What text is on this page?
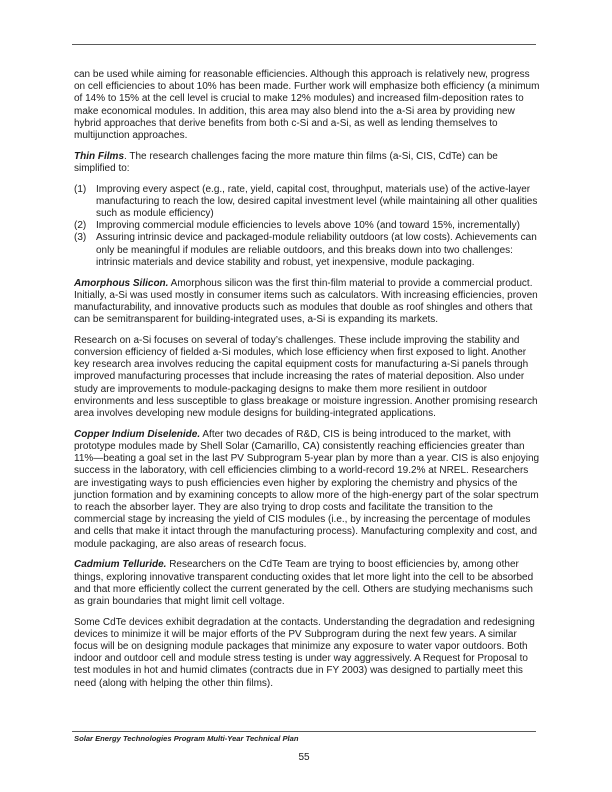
can be used while aiming for reasonable efficiencies. Although this approach is relatively new, progress on cell efficiencies to about 10% has been made. Further work will emphasize both efficiency (a minimum of 14% to 15% at the cell level is crucial to make 12% modules) and increased film-deposition rates to make economical modules. In addition, this area may also blend into the a-Si area by providing new hybrid approaches that derive benefits from both c-Si and a-Si, as well as lending themselves to multijunction approaches.

Thin Films. The research challenges facing the more mature thin films (a-Si, CIS, CdTe) can be simplified to:

(1) Improving every aspect (e.g., rate, yield, capital cost, throughput, materials use) of the active-layer manufacturing to reach the low, desired capital investment level (while maintaining all other qualities such as module efficiency)
(2) Improving commercial module efficiencies to levels above 10% (and toward 15%, incrementally)
(3) Assuring intrinsic device and packaged-module reliability outdoors (at low costs). Achievements can only be meaningful if modules are reliable outdoors, and this breaks down into two challenges: intrinsic materials and device stability and robust, yet inexpensive, module packaging.

Amorphous Silicon. Amorphous silicon was the first thin-film material to provide a commercial product. Initially, a-Si was used mostly in consumer items such as calculators. With increasing efficiencies, proven manufacturability, and innovative products such as modules that double as roof shingles and others that can be semitransparent for building-integrated uses, a-Si is expanding its markets.

Research on a-Si focuses on several of today’s challenges. These include improving the stability and conversion efficiency of fielded a-Si modules, which lose efficiency when first exposed to light. Another key research area involves reducing the capital equipment costs for manufacturing a-Si panels through improved manufacturing processes that include increasing the rates of material deposition. Also under study are improvements to module-packaging designs to make them more resilient in outdoor environments and less susceptible to glass breakage or moisture ingression. Another promising research area involves developing new module designs for building-integrated applications.

Copper Indium Diselenide. After two decades of R&D, CIS is being introduced to the market, with prototype modules made by Shell Solar (Camarillo, CA) consistently reaching efficiencies greater than 11%—beating a goal set in the last PV Subprogram 5-year plan by more than a year. CIS is also enjoying success in the laboratory, with cell efficiencies climbing to a world-record 19.2% at NREL. Researchers are investigating ways to push efficiencies even higher by exploring the chemistry and physics of the junction formation and by examining concepts to allow more of the high-energy part of the solar spectrum to reach the absorber layer. They are also trying to drop costs and facilitate the transition to the commercial stage by increasing the yield of CIS modules (i.e., by increasing the percentage of modules and cells that make it intact through the manufacturing process). Manufacturing complexity and cost, and module packaging, are also areas of research focus.

Cadmium Telluride. Researchers on the CdTe Team are trying to boost efficiencies by, among other things, exploring innovative transparent conducting oxides that let more light into the cell to be absorbed and that more efficiently collect the current generated by the cell. Others are studying mechanisms such as grain boundaries that might limit cell voltage.

Some CdTe devices exhibit degradation at the contacts. Understanding the degradation and redesigning devices to minimize it will be major efforts of the PV Subprogram during the next few years. A similar focus will be on designing module packages that minimize any exposure to water vapor outdoors. Both indoor and outdoor cell and module stress testing is under way aggressively. A Request for Proposal to test modules in hot and humid climates (contracts due in FY 2003) was designed to partially meet this need (along with helping the other thin films).

Solar Energy Technologies Program Multi-Year Technical Plan
55
